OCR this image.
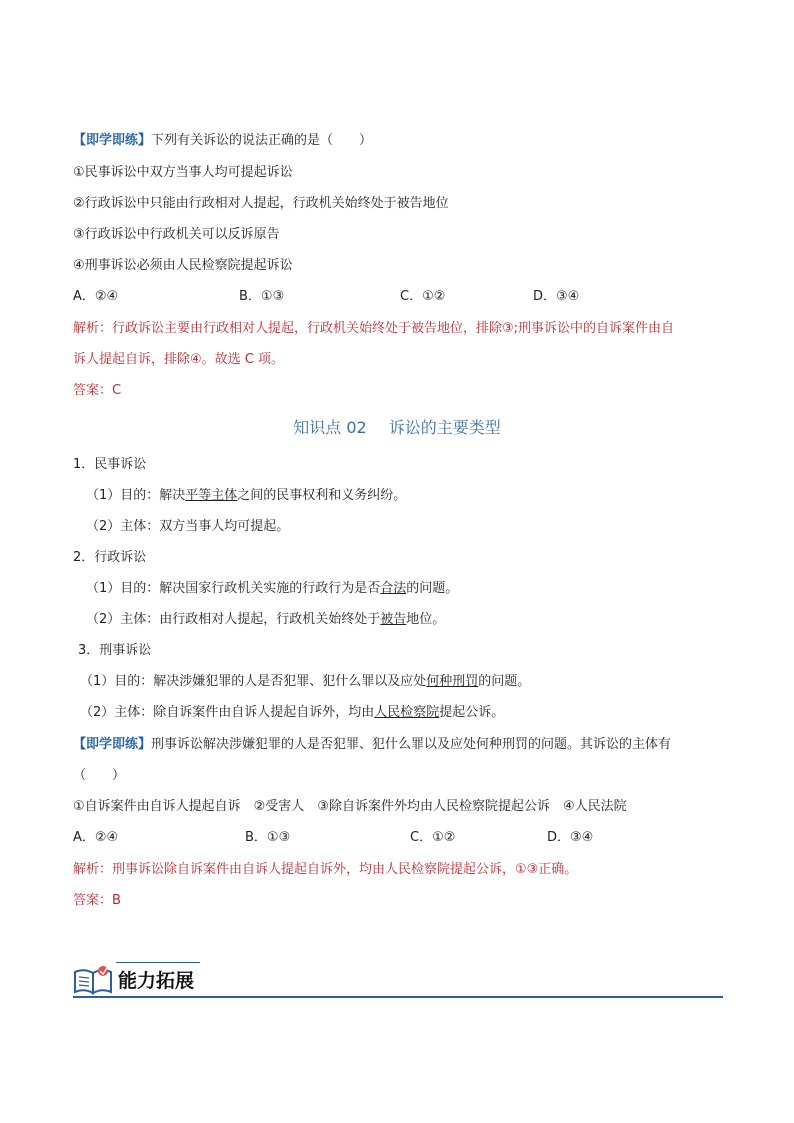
【即学即练】下列有关诉讼的说法正确的是（　　）
①民事诉讼中双方当事人均可提起诉讼
②行政诉讼中只能由行政相对人提起，行政机关始终处于被告地位
③行政诉讼中行政机关可以反诉原告
④刑事诉讼必须由人民检察院提起诉讼
A．②④	B．①③	C．①②	D．③④
解析：行政诉讼主要由行政相对人提起，行政机关始终处于被告地位，排除③;刑事诉讼中的自诉案件由自
诉人提起自诉，排除④。故选 C 项。
答案：C
知识点 02 诉讼的主要类型
1．民事诉讼
（1）目的：解决平等主体之间的民事权利和义务纠纷。
（2）主体：双方当事人均可提起。
2．行政诉讼
（1）目的：解决国家行政机关实施的行政行为是否合法的问题。
（2）主体：由行政相对人提起，行政机关始终处于被告地位。
3．刑事诉讼
（1）目的：解决涉嫌犯罪的人是否犯罪、犯什么罪以及应处何种刑罚的问题。
（2）主体：除自诉案件由自诉人提起自诉外，均由人民检察院提起公诉。
【即学即练】刑事诉讼解决涉嫌犯罪的人是否犯罪、犯什么罪以及应处何种刑罚的问题。其诉讼的主体有
（　　）
①自诉案件由自诉人提起自诉　②受害人　③除自诉案件外均由人民检察院提起公诉　④人民法院
A．②④	B．①③	C．①②	D．③④
解析：刑事诉讼除自诉案件由自诉人提起自诉外，均由人民检察院提起公诉，①③正确。
答案：B
能力拓展
